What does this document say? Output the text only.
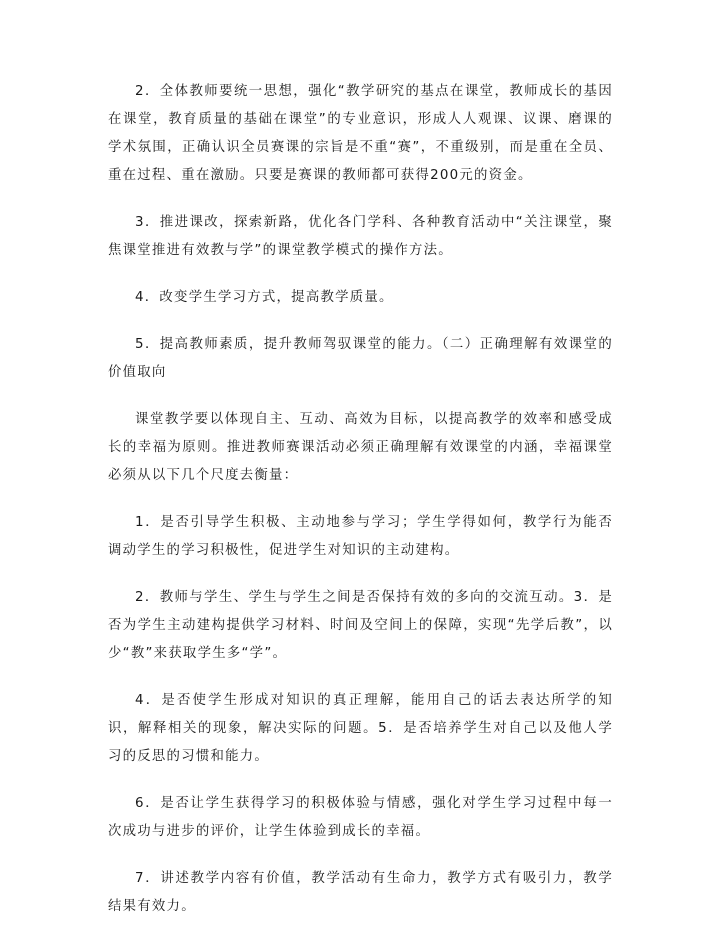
2．全体教师要统一思想，强化“教学研究的基点在课堂，教师成长的基因在课堂，教育质量的基础在课堂”的专业意识，形成人人观课、议课、磨课的学术氛围，正确认识全员赛课的宗旨是不重“赛”，不重级别，而是重在全员、重在过程、重在激励。只要是赛课的教师都可获得200元的资金。

3．推进课改，探索新路，优化各门学科、各种教育活动中“关注课堂，聚焦课堂推进有效教与学”的课堂教学模式的操作方法。

4．改变学生学习方式，提高教学质量。

5．提高教师素质，提升教师驾驭课堂的能力。（二）正确理解有效课堂的价值取向

课堂教学要以体现自主、互动、高效为目标，以提高教学的效率和感受成长的幸福为原则。推进教师赛课活动必须正确理解有效课堂的内涵，幸福课堂必须从以下几个尺度去衡量：

1．是否引导学生积极、主动地参与学习；学生学得如何，教学行为能否调动学生的学习积极性，促进学生对知识的主动建构。

2．教师与学生、学生与学生之间是否保持有效的多向的交流互动。3．是否为学生主动建构提供学习材料、时间及空间上的保障，实现“先学后教”，以少“教”来获取学生多“学”。

4．是否使学生形成对知识的真正理解，能用自己的话去表达所学的知识，解释相关的现象，解决实际的问题。5．是否培养学生对自己以及他人学习的反思的习惯和能力。

6．是否让学生获得学习的积极体验与情感，强化对学生学习过程中每一次成功与进步的评价，让学生体验到成长的幸福。

7．讲述教学内容有价值，教学活动有生命力，教学方式有吸引力，教学结果有效力。
